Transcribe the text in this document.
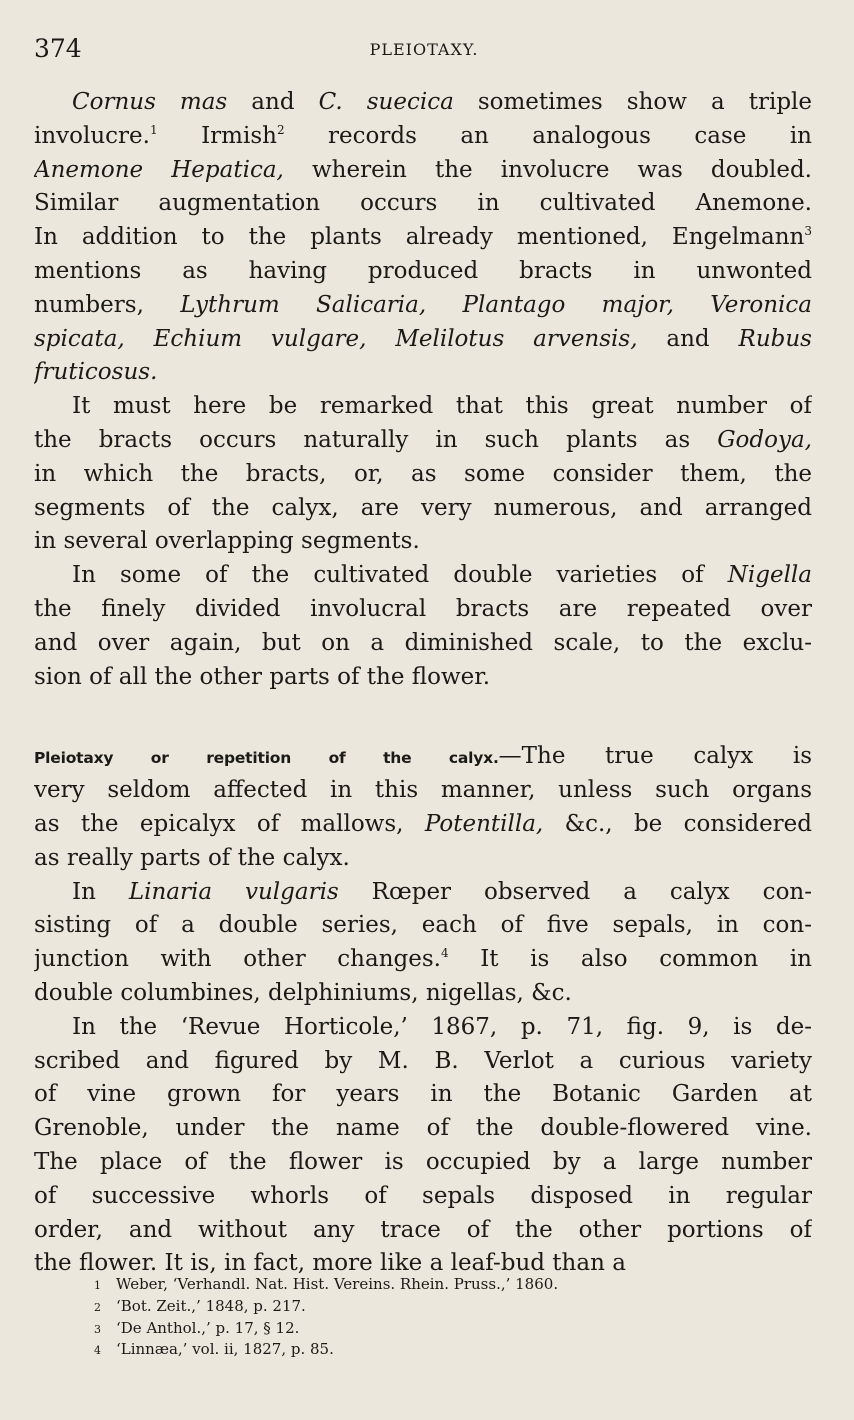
374	PLEIOTAXY.
Cornus mas and C. suecica sometimes show a triple
involucre.$^1$ Irmish$^2$ records an analogous case in
Anemone Hepatica, wherein the involucre was doubled.
Similar augmentation occurs in cultivated Anemone.
In addition to the plants already mentioned, Engelmann$^3$
mentions as having produced bracts in unwonted
numbers, Lythrum Salicaria, Plantago major, Veronica
spicata, Echium vulgare, Melilotus arvensis, and Rubus
fruticosus.
It must here be remarked that this great number of
the bracts occurs naturally in such plants as Godoya,
in which the bracts, or, as some consider them, the
segments of the calyx, are very numerous, and arranged
in several overlapping segments.
In some of the cultivated double varieties of Nigella
the finely divided involucral bracts are repeated over
and over again, but on a diminished scale, to the exclu-
sion of all the other parts of the flower.
Pleiotaxy or repetition of the calyx.—The true calyx is
very seldom affected in this manner, unless such organs
as the epicalyx of mallows, Potentilla, &c., be considered
as really parts of the calyx.
In Linaria vulgaris Rœper observed a calyx con-
sisting of a double series, each of five sepals, in con-
junction with other changes.$^4$ It is also common in
double columbines, delphiniums, nigellas, &c.
In the ‘Revue Horticole,’ 1867, p. 71, fig. 9, is de-
scribed and figured by M. B. Verlot a curious variety
of vine grown for years in the Botanic Garden at
Grenoble, under the name of the double-flowered vine.
The place of the flower is occupied by a large number
of successive whorls of sepals disposed in regular
order, and without any trace of the other portions of
the flower. It is, in fact, more like a leaf-bud than a
1 Weber, ‘Verhandl. Nat. Hist. Vereins. Rhein. Pruss.,’ 1860.
2 ‘Bot. Zeit.,’ 1848, p. 217.
3 ‘De Anthol.,’ p. 17, § 12.
4 ‘Linnæa,’ vol. ii, 1827, p. 85.
